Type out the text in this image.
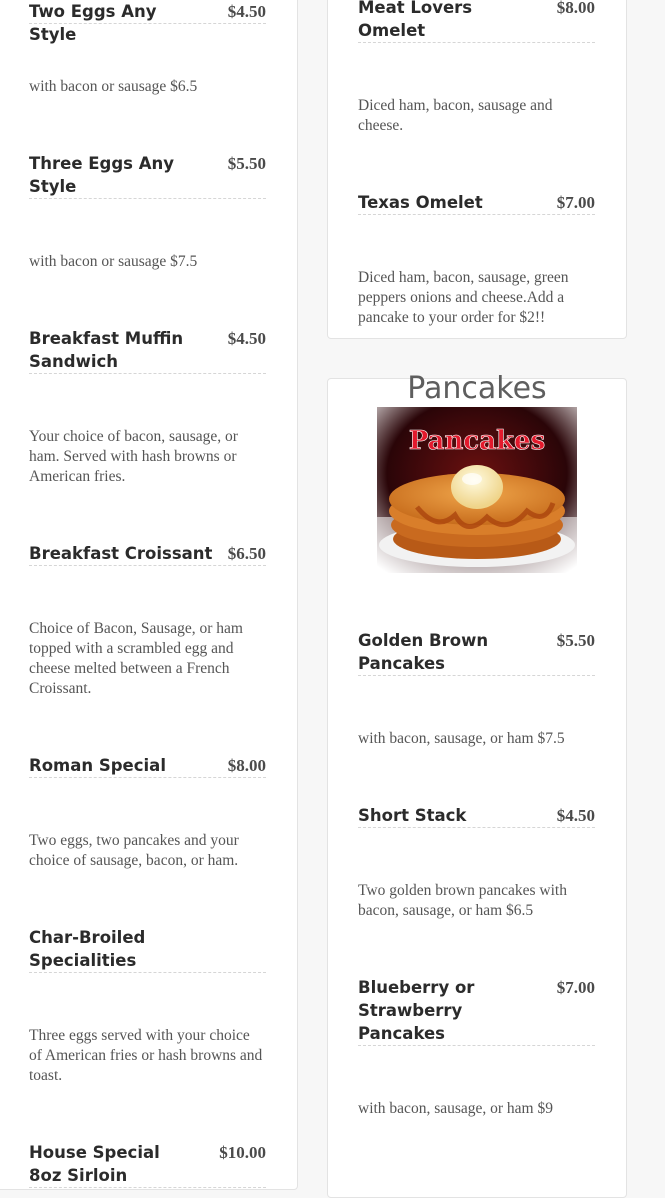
Two Eggs Any Style
$4.50
with bacon or sausage $6.5
Three Eggs Any Style
$5.50
with bacon or sausage $7.5
Breakfast Muffin Sandwich
$4.50
Your choice of bacon, sausage, or ham. Served with hash browns or American fries.
Breakfast Croissant $6.50
Choice of Bacon, Sausage, or ham topped with a scrambled egg and cheese melted between a French Croissant.
Roman Special	$8.00
Two eggs, two pancakes and your choice of sausage, bacon, or ham.
Char-Broiled Specialities
Three eggs served with your choice of American fries or hash browns and toast.
House Special 8oz Sirloin
$10.00
Meat Lovers Omelet
$8.00
Diced ham, bacon, sausage and cheese.
Texas Omelet	$7.00
Diced ham, bacon, sausage, green peppers onions and cheese.Add a pancake to your order for $2!!
Pancakes
Pancakes
Golden Brown Pancakes
$5.50
with bacon, sausage, or ham $7.5
Short Stack	$4.50
Two golden brown pancakes with bacon, sausage, or ham $6.5
Blueberry or Strawberry Pancakes
$7.00
with bacon, sausage, or ham $9
